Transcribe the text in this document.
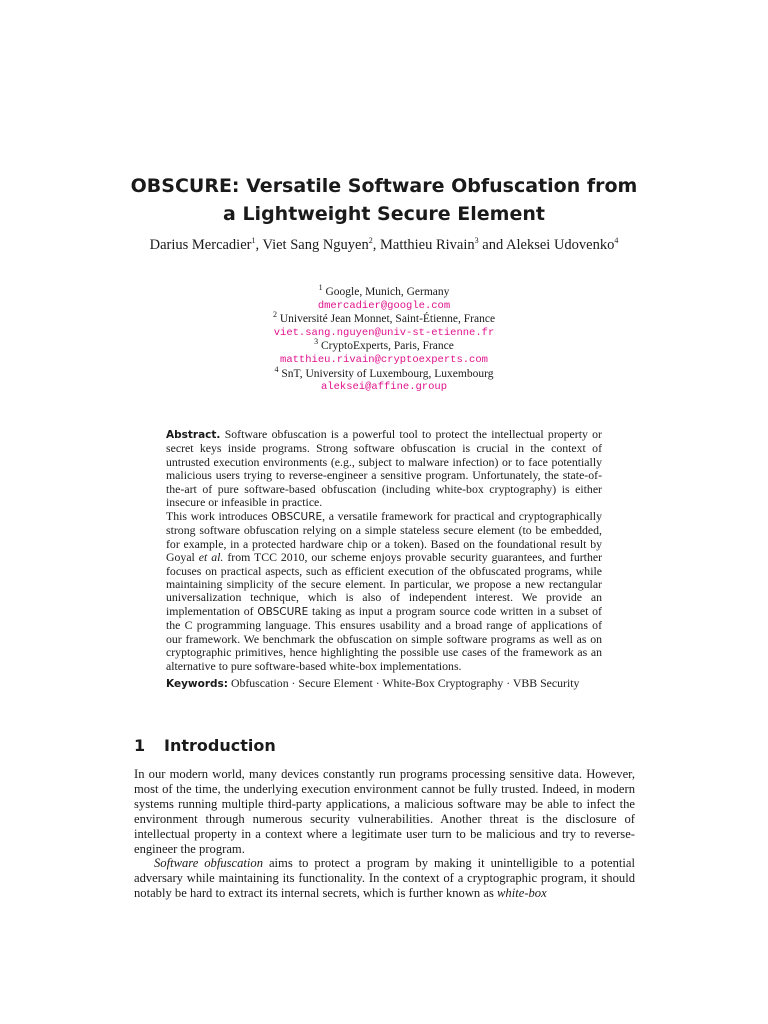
OBSCURE: Versatile Software Obfuscation from
a Lightweight Secure Element
Darius Mercadier$^1$, Viet Sang Nguyen$^2$, Matthieu Rivain$^3$ and Aleksei Udovenko$^4$
$^1$ Google, Munich, Germany
dmercadier@google.com
$^2$ Université Jean Monnet, Saint-Étienne, France
viet.sang.nguyen@univ-st-etienne.fr
$^3$ CryptoExperts, Paris, France
matthieu.rivain@cryptoexperts.com
$^4$ SnT, University of Luxembourg, Luxembourg
aleksei@affine.group

Abstract. Software obfuscation is a powerful tool to protect the intellectual property or secret keys inside programs. Strong software obfuscation is crucial in the context of untrusted execution environments (e.g., subject to malware infection) or to face potentially malicious users trying to reverse-engineer a sensitive program. Unfortunately, the state-of-the-art of pure software-based obfuscation (including white-box cryptography) is either insecure or infeasible in practice.

This work introduces OBSCURE, a versatile framework for practical and cryptographically strong software obfuscation relying on a simple stateless secure element (to be embedded, for example, in a protected hardware chip or a token). Based on the foundational result by Goyal et al. from TCC 2010, our scheme enjoys provable security guarantees, and further focuses on practical aspects, such as efficient execution of the obfuscated programs, while maintaining simplicity of the secure element. In particular, we propose a new rectangular universalization technique, which is also of independent interest. We provide an implementation of OBSCURE taking as input a program source code written in a subset of the C programming language. This ensures usability and a broad range of applications of our framework. We benchmark the obfuscation on simple software programs as well as on cryptographic primitives, hence highlighting the possible use cases of the framework as an alternative to pure software-based white-box implementations.

Keywords: Obfuscation · Secure Element · White-Box Cryptography · VBB Security

1 Introduction

In our modern world, many devices constantly run programs processing sensitive data. However, most of the time, the underlying execution environment cannot be fully trusted. Indeed, in modern systems running multiple third-party applications, a malicious software may be able to infect the environment through numerous security vulnerabilities. Another threat is the disclosure of intellectual property in a context where a legitimate user turn to be malicious and try to reverse-engineer the program.

Software obfuscation aims to protect a program by making it unintelligible to a potential adversary while maintaining its functionality. In the context of a cryptographic program, it should notably be hard to extract its internal secrets, which is further known as white-box
